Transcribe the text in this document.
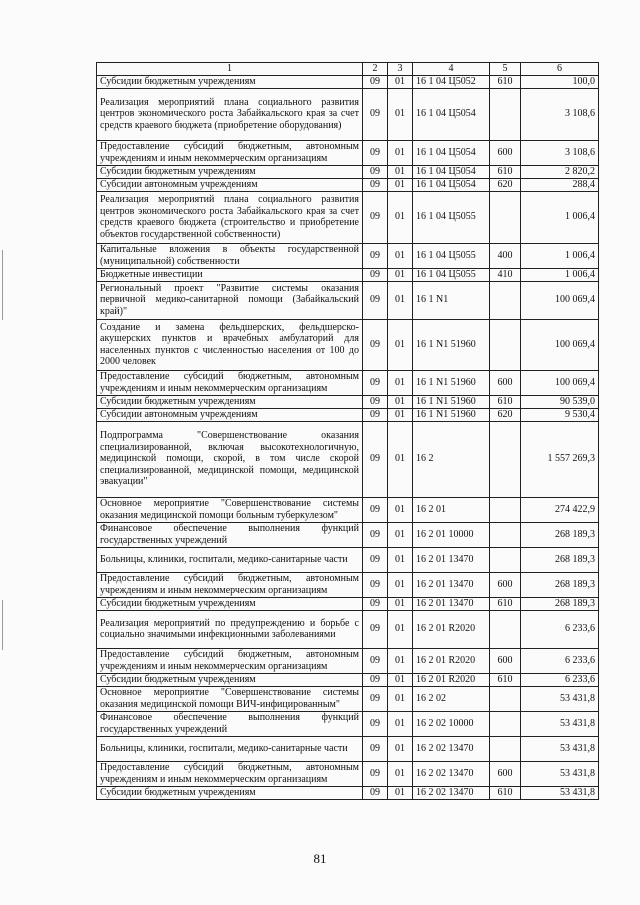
1	2	3	4	5	6
Субсидии бюджетным учреждениям	09	01	16 1 04 Ц5052	610	100,0
Реализация мероприятий плана социального развития центров экономического роста Забайкальского края за счет средств краевого бюджета (приобретение оборудования)	09	01	16 1 04 Ц5054		3 108,6
Предоставление субсидий бюджетным, автономным учреждениям и иным некоммерческим организациям	09	01	16 1 04 Ц5054	600	3 108,6
Субсидии бюджетным учреждениям	09	01	16 1 04 Ц5054	610	2 820,2
Субсидии автономным учреждениям	09	01	16 1 04 Ц5054	620	288,4
Реализация мероприятий плана социального развития центров экономического роста Забайкальского края за счет средств краевого бюджета (строительство и приобретение объектов государственной собственности)	09	01	16 1 04 Ц5055		1 006,4
Капитальные вложения в объекты государственной (муниципальной) собственности	09	01	16 1 04 Ц5055	400	1 006,4
Бюджетные инвестиции	09	01	16 1 04 Ц5055	410	1 006,4
Региональный проект "Развитие системы оказания первичной медико-санитарной помощи (Забайкальский край)"	09	01	16 1 N1		100 069,4
Создание и замена фельдшерских, фельдшерско-акушерских пунктов и врачебных амбулаторий для населенных пунктов с численностью населения от 100 до 2000 человек	09	01	16 1 N1 51960		100 069,4
Предоставление субсидий бюджетным, автономным учреждениям и иным некоммерческим организациям	09	01	16 1 N1 51960	600	100 069,4
Субсидии бюджетным учреждениям	09	01	16 1 N1 51960	610	90 539,0
Субсидии автономным учреждениям	09	01	16 1 N1 51960	620	9 530,4
Подпрограмма "Совершенствование оказания специализированной, включая высокотехнологичную, медицинской помощи, скорой, в том числе скорой специализированной, медицинской помощи, медицинской эвакуации"	09	01	16 2		1 557 269,3
Основное мероприятие "Совершенствование системы оказания медицинской помощи больным туберкулезом"	09	01	16 2 01		274 422,9
Финансовое обеспечение выполнения функций государственных учреждений	09	01	16 2 01 10000		268 189,3
Больницы, клиники, госпитали, медико-санитарные части	09	01	16 2 01 13470		268 189,3
Предоставление субсидий бюджетным, автономным учреждениям и иным некоммерческим организациям	09	01	16 2 01 13470	600	268 189,3
Субсидии бюджетным учреждениям	09	01	16 2 01 13470	610	268 189,3
Реализация мероприятий по предупреждению и борьбе с социально значимыми инфекционными заболеваниями	09	01	16 2 01 R2020		6 233,6
Предоставление субсидий бюджетным, автономным учреждениям и иным некоммерческим организациям	09	01	16 2 01 R2020	600	6 233,6
Субсидии бюджетным учреждениям	09	01	16 2 01 R2020	610	6 233,6
Основное мероприятие "Совершенствование системы оказания медицинской помощи ВИЧ-инфицированным"	09	01	16 2 02		53 431,8
Финансовое обеспечение выполнения функций государственных учреждений	09	01	16 2 02 10000		53 431,8
Больницы, клиники, госпитали, медико-санитарные части	09	01	16 2 02 13470		53 431,8
Предоставление субсидий бюджетным, автономным учреждениям и иным некоммерческим организациям	09	01	16 2 02 13470	600	53 431,8
Субсидии бюджетным учреждениям	09	01	16 2 02 13470	610	53 431,8
81
